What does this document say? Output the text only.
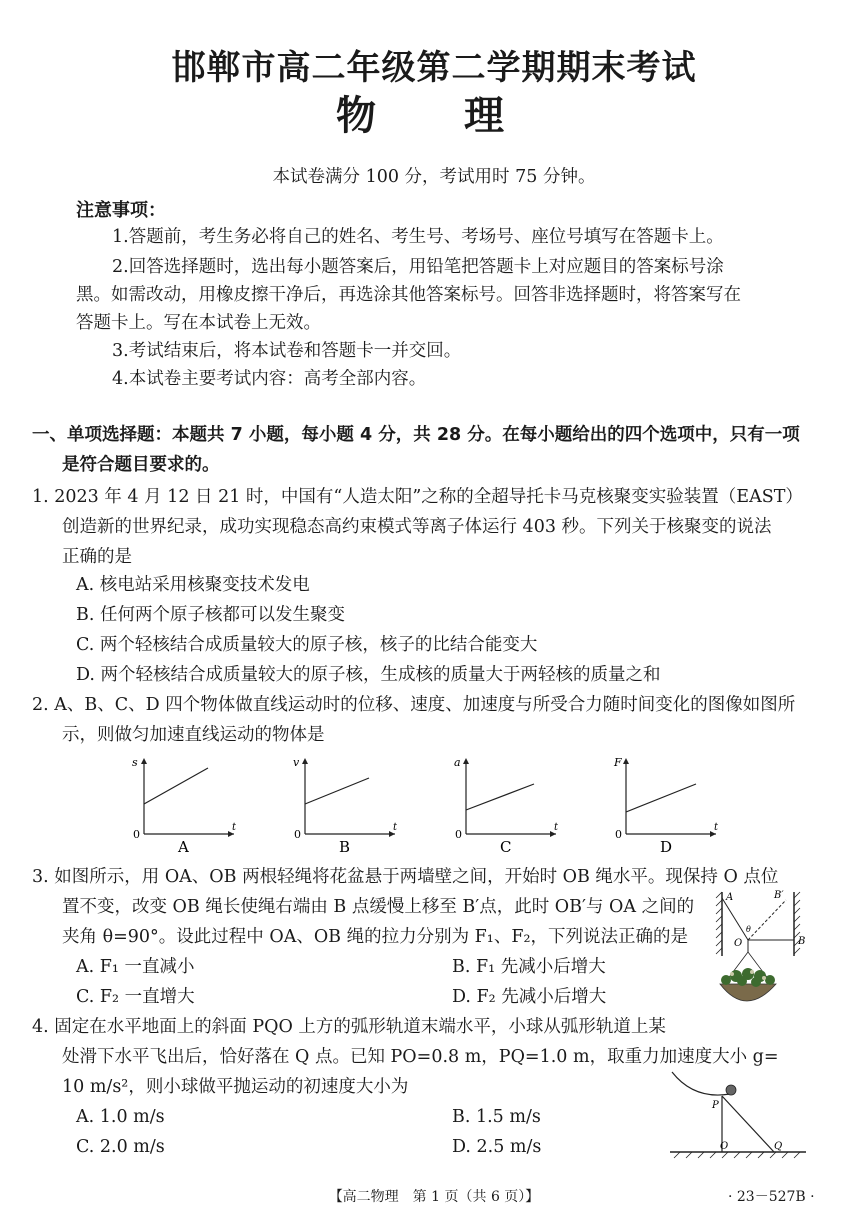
邯郸市高二年级第二学期期末考试
物 理
本试卷满分 100 分，考试用时 75 分钟。
注意事项：
1.答题前，考生务必将自己的姓名、考生号、考场号、座位号填写在答题卡上。
2.回答选择题时，选出每小题答案后，用铅笔把答题卡上对应题目的答案标号涂
黑。如需改动，用橡皮擦干净后，再选涂其他答案标号。回答非选择题时，将答案写在
答题卡上。写在本试卷上无效。
3.考试结束后，将本试卷和答题卡一并交回。
4.本试卷主要考试内容：高考全部内容。
一、单项选择题：本题共 7 小题，每小题 4 分，共 28 分。在每小题给出的四个选项中，只有一项
是符合题目要求的。
1. 2023 年 4 月 12 日 21 时，中国有“人造太阳”之称的全超导托卡马克核聚变实验装置（EAST）
创造新的世界纪录，成功实现稳态高约束模式等离子体运行 403 秒。下列关于核聚变的说法
正确的是
A. 核电站采用核聚变技术发电
B. 任何两个原子核都可以发生聚变
C. 两个轻核结合成质量较大的原子核，核子的比结合能变大
D. 两个轻核结合成质量较大的原子核，生成核的质量大于两轻核的质量之和
2. A、B、C、D 四个物体做直线运动时的位移、速度、加速度与所受合力随时间变化的图像如图所
示，则做匀加速直线运动的物体是
s
t
0
A
v
t
0
B
a
t
0
C
F
t
0
D
3. 如图所示，用 OA、OB 两根轻绳将花盆悬于两墙壁之间，开始时 OB 绳水平。现保持 O 点位
置不变，改变 OB 绳长使绳右端由 B 点缓慢上移至 B′点，此时 OB′与 OA 之间的
夹角 θ=90°。设此过程中 OA、OB 绳的拉力分别为 F₁、F₂，下列说法正确的是
A. F₁ 一直减小	B. F₁ 先减小后增大
C. F₂ 一直增大	D. F₂ 先减小后增大
A	B′
B
O
θ
4. 固定在水平地面上的斜面 PQO 上方的弧形轨道末端水平，小球从弧形轨道上某
处滑下水平飞出后，恰好落在 Q 点。已知 PO=0.8 m，PQ=1.0 m，取重力加速度大小 g=
10 m/s²，则小球做平抛运动的初速度大小为
A. 1.0 m/s	B. 1.5 m/s
C. 2.0 m/s	D. 2.5 m/s
P
O	Q
【高二物理　第 1 页（共 6 页）】	· 23－527B ·
